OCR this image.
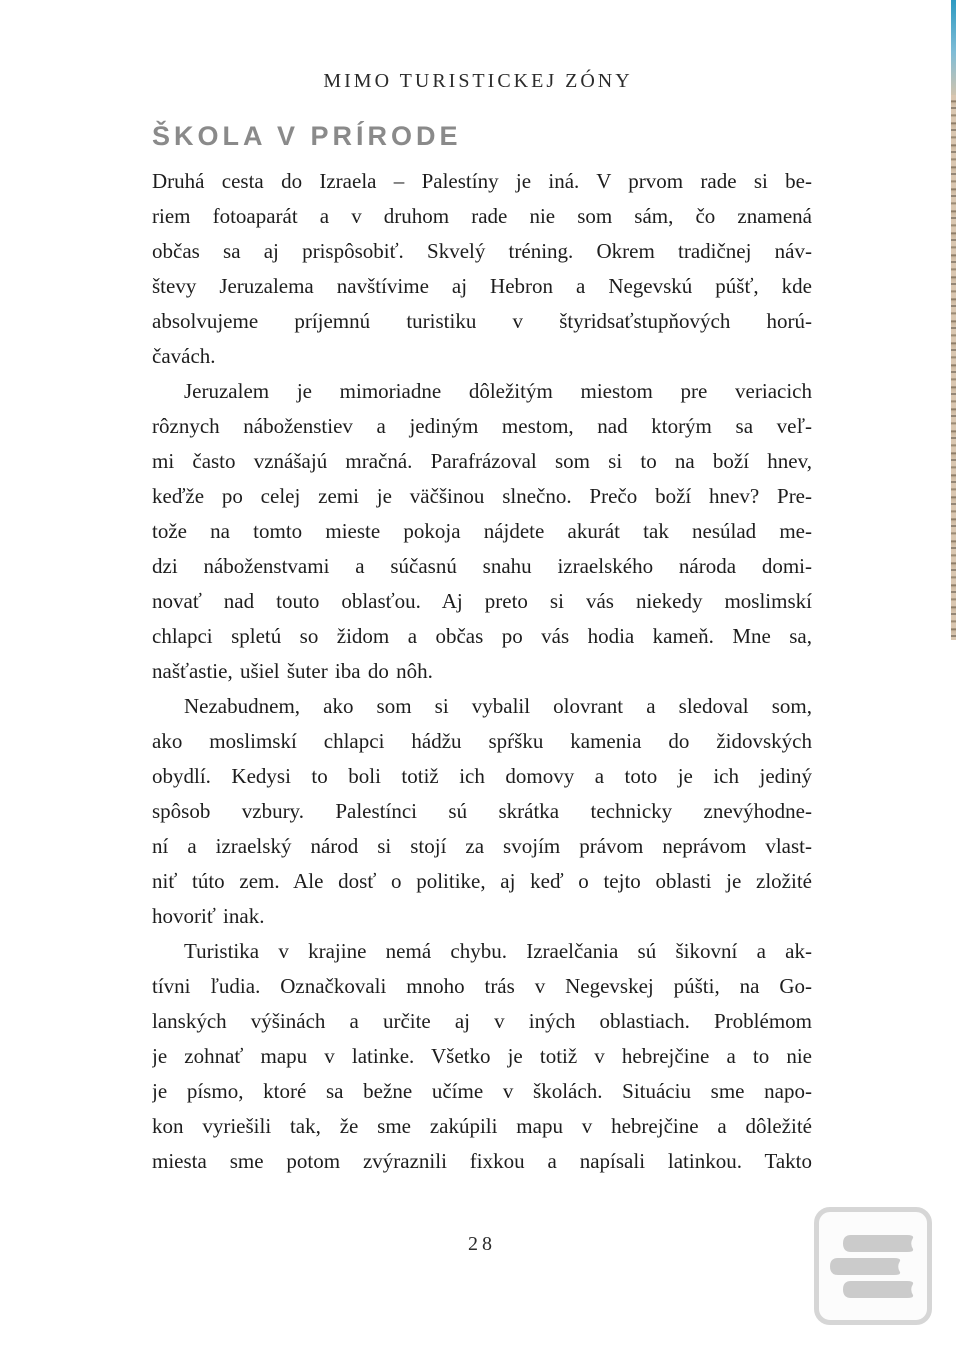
MIMO TURISTICKEJ ZÓNY
ŠKOLA V PRÍRODE
Druhá cesta do Izraela – Palestíny je iná. V prvom rade si be-
riem fotoaparát a v druhom rade nie som sám, čo znamená
občas sa aj prispôsobiť. Skvelý tréning. Okrem tradičnej náv-
števy Jeruzalema navštívime aj Hebron a Negevskú púšť, kde
absolvujeme príjemnú turistiku v štyridsaťstupňových horú-
čavách.
Jeruzalem je mimoriadne dôležitým miestom pre veriacich
rôznych náboženstiev a jediným mestom, nad ktorým sa veľ-
mi často vznášajú mračná. Parafrázoval som si to na boží hnev,
keďže po celej zemi je väčšinou slnečno. Prečo boží hnev? Pre-
tože na tomto mieste pokoja nájdete akurát tak nesúlad me-
dzi náboženstvami a súčasnú snahu izraelského národa domi-
novať nad touto oblasťou. Aj preto si vás niekedy moslimskí
chlapci spletú so židom a občas po vás hodia kameň. Mne sa,
našťastie, ušiel šuter iba do nôh.
Nezabudnem, ako som si vybalil olovrant a sledoval som,
ako moslimskí chlapci hádžu spŕšku kamenia do židovských
obydlí. Kedysi to boli totiž ich domovy a toto je ich jediný
spôsob vzbury. Palestínci sú skrátka technicky znevýhodne-
ní a izraelský národ si stojí za svojím právom neprávom vlast-
niť túto zem. Ale dosť o politike, aj keď o tejto oblasti je zložité
hovoriť inak.
Turistika v krajine nemá chybu. Izraelčania sú šikovní a ak-
tívni ľudia. Označkovali mnoho trás v Negevskej púšti, na Go-
lanských výšinách a určite aj v iných oblastiach. Problémom
je zohnať mapu v latinke. Všetko je totiž v hebrejčine a to nie
je písmo, ktoré sa bežne učíme v školách. Situáciu sme napo-
kon vyriešili tak, že sme zakúpili mapu v hebrejčine a dôležité
miesta sme potom zvýraznili fixkou a napísali latinkou. Takto
28
